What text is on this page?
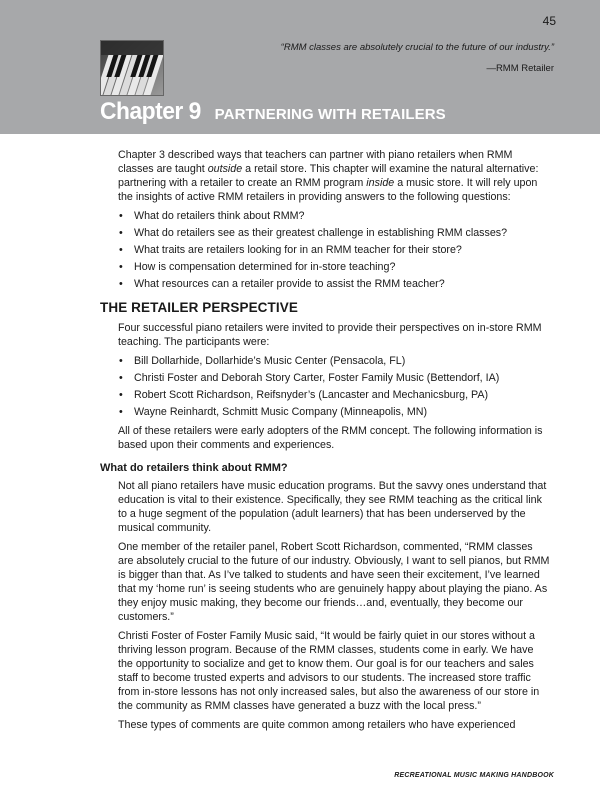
45
“RMM classes are absolutely crucial to the future of our industry.”
—RMM Retailer
Chapter 9 PARTNERING WITH RETAILERS

Chapter 3 described ways that teachers can partner with piano retailers when RMM classes are taught outside a retail store. This chapter will examine the natural alternative: partnering with a retailer to create an RMM program inside a music store. It will rely upon the insights of active RMM retailers in providing answers to the following questions:

• What do retailers think about RMM?
• What do retailers see as their greatest challenge in establishing RMM classes?
• What traits are retailers looking for in an RMM teacher for their store?
• How is compensation determined for in-store teaching?
• What resources can a retailer provide to assist the RMM teacher?
THE RETAILER PERSPECTIVE

Four successful piano retailers were invited to provide their perspectives on in-store RMM teaching. The participants were:

• Bill Dollarhide, Dollarhide’s Music Center (Pensacola, FL)
• Christi Foster and Deborah Story Carter, Foster Family Music (Bettendorf, IA)
• Robert Scott Richardson, Reifsnyder’s (Lancaster and Mechanicsburg, PA)
• Wayne Reinhardt, Schmitt Music Company (Minneapolis, MN)

All of these retailers were early adopters of the RMM concept. The following information is based upon their comments and experiences.

What do retailers think about RMM?

Not all piano retailers have music education programs. But the savvy ones understand that education is vital to their existence. Specifically, they see RMM teaching as the critical link to a huge segment of the population (adult learners) that has been underserved by the musical community.

One member of the retailer panel, Robert Scott Richardson, commented, “RMM classes are absolutely crucial to the future of our industry. Obviously, I want to sell pianos, but RMM is bigger than that. As I’ve talked to students and have seen their excitement, I’ve learned that my ‘home run’ is seeing students who are genuinely happy about playing the piano. As they enjoy music making, they become our friends…and, eventually, they become our customers.”

Christi Foster of Foster Family Music said, “It would be fairly quiet in our stores without a thriving lesson program. Because of the RMM classes, students come in early. We have the opportunity to socialize and get to know them. Our goal is for our teachers and sales staff to become trusted experts and advisors to our students. The increased store traffic from in-store lessons has not only increased sales, but also the awareness of our store in the community as RMM classes have generated a buzz with the local press.”

These types of comments are quite common among retailers who have experienced

RECREATIONAL MUSIC MAKING HANDBOOK
